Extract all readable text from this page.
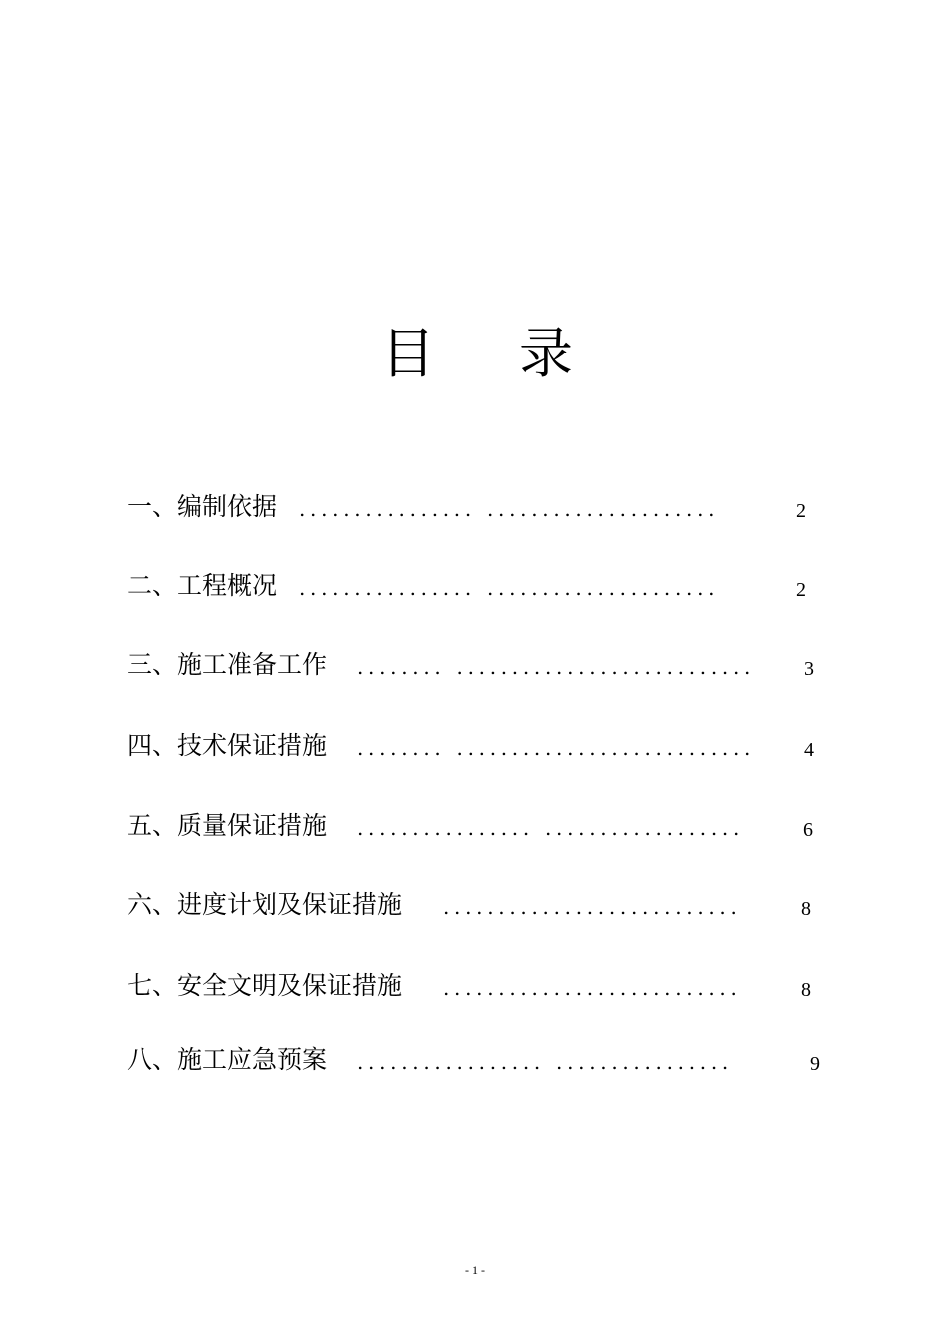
目 录
一、编制依据 ................ .....................	2
二、工程概况 ................ .....................	2
三、施工准备工作 ........ ........................... 3
四、技术保证措施 ........ ........................... 4
五、质量保证措施 ................ ..................	6
六、进度计划及保证措施 ...........................	8
七、安全文明及保证措施 ...........................	8
八、施工应急预案 ................. ................	9
- 1 -
